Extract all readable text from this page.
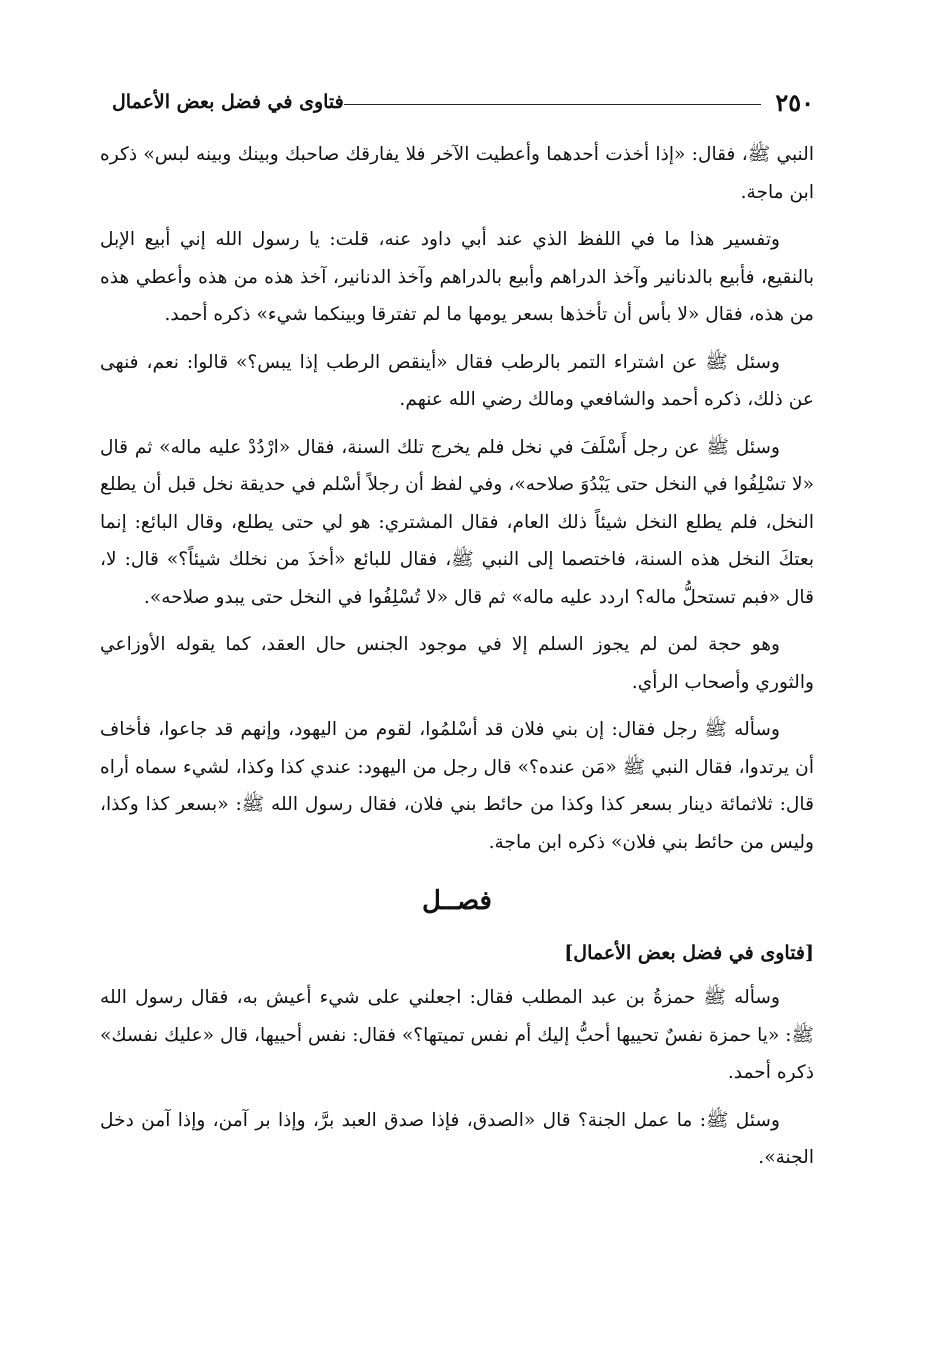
٢٥٠
فتاوى في فضل بعض الأعمال

النبي ﷺ، فقال: «إذا أخذت أحدهما وأعطيت الآخر فلا يفارقك صاحبك وبينك وبينه لبس» ذكره ابن ماجة.

وتفسير هذا ما في اللفظ الذي عند أبي داود عنه، قلت: يا رسول الله إني أبيع الإبل بالنقيع، فأبيع بالدنانير وآخذ الدراهم وأبيع بالدراهم وآخذ الدنانير، آخذ هذه من هذه وأعطي هذه من هذه، فقال «لا بأس أن تأخذها بسعر يومها ما لم تفترقا وبينكما شيء» ذكره أحمد.

وسئل ﷺ عن اشتراء التمر بالرطب فقال «أينقص الرطب إذا يبس؟» قالوا: نعم، فنهى عن ذلك، ذكره أحمد والشافعي ومالك رضي الله عنهم.

وسئل ﷺ عن رجل أَسْلَفَ في نخل فلم يخرج تلك السنة، فقال «ارْدُدْ عليه ماله» ثم قال «لا تسْلِفُوا في النخل حتى يَبْدُوَ صلاحه»، وفي لفظ أن رجلاً أسْلم في حديقة نخل قبل أن يطلع النخل، فلم يطلع النخل شيئاً ذلك العام، فقال المشتري: هو لي حتى يطلع، وقال البائع: إنما بعتكَ النخل هذه السنة، فاختصما إلى النبي ﷺ، فقال للبائع «أخذَ من نخلك شيئاً؟» قال: لا، قال «فبم تستحلُّ ماله؟ اردد عليه ماله» ثم قال «لا تُسْلِفُوا في النخل حتى يبدو صلاحه».

وهو حجة لمن لم يجوز السلم إلا في موجود الجنس حال العقد، كما يقوله الأوزاعي والثوري وأصحاب الرأي.

وسأله ﷺ رجل فقال: إن بني فلان قد أسْلمُوا، لقوم من اليهود، وإنهم قد جاعوا، فأخاف أن يرتدوا، فقال النبي ﷺ «مَن عنده؟» قال رجل من اليهود: عندي كذا وكذا، لشيء سماه أراه قال: ثلاثمائة دينار بسعر كذا وكذا من حائط بني فلان، فقال رسول الله ﷺ: «بسعر كذا وكذا، وليس من حائط بني فلان» ذكره ابن ماجة.

فصــل
[فتاوى في فضل بعض الأعمال]

وسأله ﷺ حمزةُ بن عبد المطلب فقال: اجعلني على شيء أعيش به، فقال رسول الله ﷺ: «يا حمزة نفسٌ تحييها أحبُّ إليك أم نفس تميتها؟» فقال: نفس أحييها، قال «عليك نفسك» ذكره أحمد.

وسئل ﷺ: ما عمل الجنة؟ قال «الصدق، فإذا صدق العبد برَّ، وإذا بر آمن، وإذا آمن دخل الجنة».
